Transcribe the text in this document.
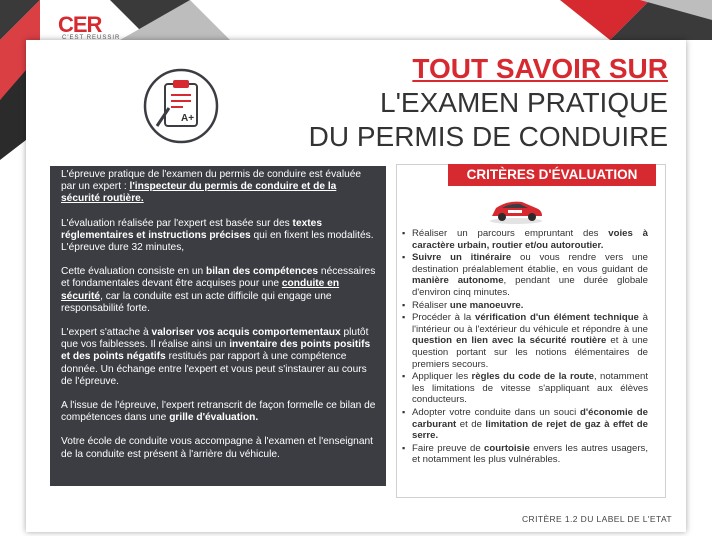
CER
C'EST REUSSIR
A+
TOUT SAVOIR SUR
L'EXAMEN PRATIQUE
DU PERMIS DE CONDUIRE

L'épreuve pratique de l'examen du permis de conduire est évaluée par un expert : l'inspecteur du permis de conduire et de la sécurité routière.

L'évaluation réalisée par l'expert est basée sur des textes réglementaires et instructions précises qui en fixent les modalités. L'épreuve dure 32 minutes,

Cette évaluation consiste en un bilan des compétences nécessaires et fondamentales devant être acquises pour une conduite en sécurité, car la conduite est un acte difficile qui engage une responsabilité forte.

L'expert s'attache à valoriser vos acquis comportementaux plutôt que vos faiblesses. Il réalise ainsi un inventaire des points positifs et des points négatifs restitués par rapport à une compétence donnée. Un échange entre l'expert et vous peut s'instaurer au cours de l'épreuve.

A l'issue de l'épreuve, l'expert retranscrit de façon formelle ce bilan de compétences dans une grille d'évaluation.

Votre école de conduite vous accompagne à l'examen et l'enseignant de la conduite est présent à l'arrière du véhicule.

CRITÈRES D'ÉVALUATION
▪ Réaliser un parcours empruntant des voies à caractère urbain, routier et/ou autoroutier.
▪ Suivre un itinéraire ou vous rendre vers une destination préalablement établie, en vous guidant de manière autonome, pendant une durée globale d'environ cinq minutes.
▪ Réaliser une manoeuvre.
▪ Procéder à la vérification d'un élément technique à l'intérieur ou à l'extérieur du véhicule et répondre à une question en lien avec la sécurité routière et à une question portant sur les notions élémentaires de premiers secours.
▪ Appliquer les règles du code de la route, notamment les limitations de vitesse s'appliquant aux élèves conducteurs.
▪ Adopter votre conduite dans un souci d'économie de carburant et de limitation de rejet de gaz à effet de serre.
▪ Faire preuve de courtoisie envers les autres usagers, et notamment les plus vulnérables.
CRITÈRE 1.2 DU LABEL DE L'ETAT
